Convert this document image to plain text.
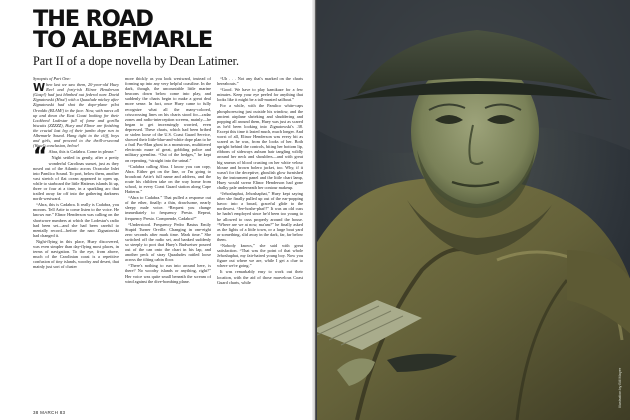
THE ROAD
TO ALBEMARLE
Part II of a dope novella by Dean Latimer.

Synopsis of Part One:

When last we saw them, 20-year-old Huey Reel and forty-ish Elinor Henderson (Gasp!) had just blimhed out federal narc David Zignatowski (Hiss!) with a Quaalude mickey after Zignatowski had shot the dope-plane pilot Orvaldo (BLAM!) in the face. Now, with narcs all up and down the East Coast looking for their Lockheed Lodestar full of fame and gorilla biscuits (ZZZZZ), Huey and Elinor are finishing the crucial last leg of their jumbo dope run to Albemarle Sound. Hang tight to the cliff, boys and girls, and proceed to the thrill-a-second (Wow!) conclusion, below!

“ Abra, this is Cadabra. Come in please.”

Night settled in gently, after a pretty wonderful Carolinas sunset, just as they nosed out of the Atlantic across Ocracoke Inlet into Pamlico Sound. To port, below them, another vast stretch of flat ocean appeared to open up, while to starboard the little Hatteras islands lit up, three or four at a time, in a sparkling arc that trailed away far off into the gathering darkness north-westward.

“Abra, this is Cadabra. It really is Cadabra, you morons. Tell Artie to come listen to the voice. He knows me.” Elinor Henderson was calling on the shortwave numbers at which the Lodestar's radio had been set—and she had been careful to mentally record—before the narc Zignatowski had changed it.

Night-flying in this place, Huey discovered, was even simpler than day-flying most places, in terms of navigation. To the eye, from above, much of the Carolinian coast is a repetitive confusion of tiny islands, woodsy and desert, that mainly just sort of cluster

more thickly as you look westward, instead of forming up into any very helpful coastline. In the dark, though, the uncountable little marine beacons down below come into play, and suddenly the charts begin to make a great deal more sense. In fact, once Huey came to fully recognize what all the many-colored, crisscrossing lines on his charts stood for—radar zones and radio-interception screens, mainly—he began to get increasingly worried, even depressed. These charts, which had been bribed or stolen loose of the U.S. Coast Guard Service, showed their little-blue-and-white dope plan to be a frail Pac-Man ghost in a monstrous, multitiered electronic maze of great, gobbling police and military gremlins. “Out of the hedges,” he kept on repeating, “straight into the urinal.”

“Cadabra calling Abra. I know you can copy, Abra. Either get on the line, or I'm going to broadcast Artie's full name and address, and the route his children take on the way home from school, to every Coast Guard station along Cape Hatteras.”

“Abra to Cadabra.” That pulled a response out of the ether, finally: a thin, drawlsome, nearly sleepy male voice. “Request you change immediately to frequency Presto. Repeat, frequency Presto. Comprende, Cadabra?”

“Understood. Frequency Pedro Bastus Emily Stupid Turner Orville. Changing in one-eight zero seconds after mark time. Mark time.” She switched off the radio set, and banked suddenly so steeply to port that Huey's Budweiser poured out of the can onto the chart in his lap, and another peck of stray Quaaludes rattled loose across the tilting cabin floor.

“There's nothing to run into around here, is there? No woodsy islands or anything, right?” Her voice was quite small beneath the scream of wind against the dive-bombing plane.

“Uh . . . Not any that's marked on the charts hereabouts.”

“Good. We have to play kamikaze for a few minutes. Keep your eye peeled for anything that looks like it might be a tall-masted sailboat.”

For a while, with the Pamlico white-caps phosphorescing just outside his window, and the ancient airplane shrieking and shuddering and popping all around them, Huey was just as scared as he'd been looking into Zignatowski's .38. Except this time it lasted much, much longer. And worst of all, Elinor Henderson was every bit as scared as he was, from the looks of her. Both upright behind the controls, biting her bottom lip, ribbons of sideways auburn hair tangling wildly around her neck and shoulders—and with great big smears of blood crusting on her white velour blouse and brown bolero jacket, too. Why, if it wasn't for the deceptive, ghoulish glow furnished by the instrument panel and the little chart lamp, Huey would swear Elinor Henderson had gone chalky pale underneath her contour makeup.

“Jehoshaphat, Jehoshaphat,” Huey kept saying after she finally pulled up out of the ear-popping havoc into a broad, graceful glide to the northwest. “Jee-hoshe-phat!!” It was an old cuss he hadn't employed since he'd been too young to be allowed to cuss properly around the house. “Where are we at now, ma'am?” he finally asked as the lights of a little town, or a large boat yard or something, slid away in the dark, far, far below them.

“Nobody knows,” she said with great satisfaction. “That was the point of that whole Jehoshaphat, my fair-haired young boy. Now you figure out where we are, while I get a clue to where we're going.”

It was remarkably easy to work out their location, with the aid of those marvelous Coast Guard charts, while

38 MARCH 83
Illustration by Bill Mayer
